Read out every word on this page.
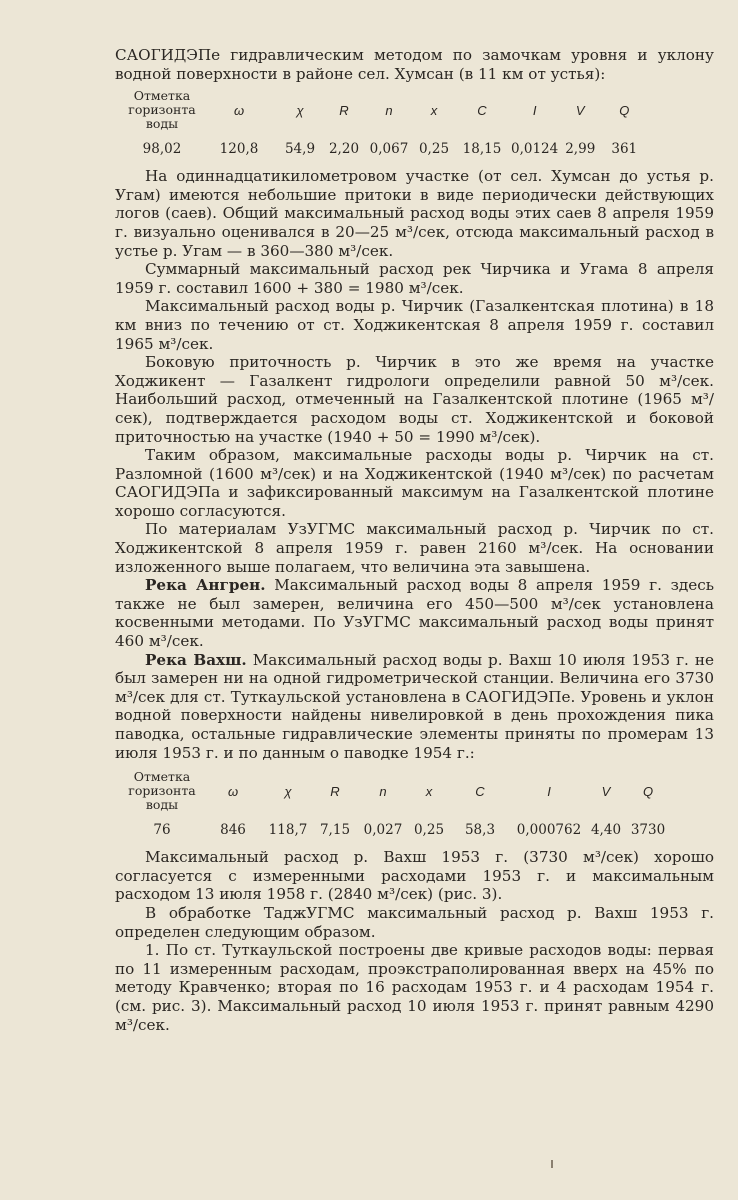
САОГИДЭПе гидравлическим методом по замочкам уровня и уклону водной поверхности в районе сел. Хумсан (в 11 км от устья):

Отметка горизонта воды	ω	χ	R	n	x	C	I	V	Q
98,02	120,8	54,9	2,20	0,067	0,25	18,15	0,0124	2,99	361

На одиннадцатикилометровом участке (от сел. Хумсан до устья р. Угам) имеются небольшие притоки в виде периодически действующих логов (саев). Общий максимальный расход воды этих саев 8 апреля 1959 г. визуально оценивался в 20—25 м³/сек, отсюда максимальный расход в устье р. Угам — в 360—380 м³/сек.

Суммарный максимальный расход рек Чирчика и Угама 8 апреля 1959 г. составил 1600 + 380 = 1980 м³/сек.

Максимальный расход воды р. Чирчик (Газалкентская плотина) в 18 км вниз по течению от ст. Ходжикентская 8 апреля 1959 г. составил 1965 м³/сек.

Боковую приточность р. Чирчик в это же время на участке Ходжикент — Газалкент гидрологи определили равной 50 м³/сек. Наибольший расход, отмеченный на Газалкентской плотине (1965 м³/сек), подтверждается расходом воды ст. Ходжикентской и боковой приточностью на участке (1940 + 50 = 1990 м³/сек).

Таким образом, максимальные расходы воды р. Чирчик на ст. Разломной (1600 м³/сек) и на Ходжикентской (1940 м³/сек) по расчетам САОГИДЭПа и зафиксированный максимум на Газалкентской плотине хорошо согласуются.

По материалам УзУГМС максимальный расход р. Чирчик по ст. Ходжикентской 8 апреля 1959 г. равен 2160 м³/сек. На основании изложенного выше полагаем, что величина эта завышена.

Река Ангрен. Максимальный расход воды 8 апреля 1959 г. здесь также не был замерен, величина его 450—500 м³/сек установлена косвенными методами. По УзУГМС максимальный расход воды принят 460 м³/сек.

Река Вахш. Максимальный расход воды р. Вахш 10 июля 1953 г. не был замерен ни на одной гидрометрической станции. Величина его 3730 м³/сек для ст. Туткаульской установлена в САОГИДЭПе. Уровень и уклон водной поверхности найдены нивелировкой в день прохождения пика паводка, остальные гидравлические элементы приняты по промерам 13 июля 1953 г. и по данным о паводке 1954 г.:

Отметка горизонта воды	ω	χ	R	n	x	C	I	V	Q
76	846	118,7	7,15	0,027	0,25	58,3	0,000762	4,40	3730

Максимальный расход р. Вахш 1953 г. (3730 м³/сек) хорошо согласуется с измеренными расходами 1953 г. и максимальным расходом 13 июля 1958 г. (2840 м³/сек) (рис. 3).

В обработке ТаджУГМС максимальный расход р. Вахш 1953 г. определен следующим образом.

1. По ст. Туткаульской построены две кривые расходов воды: первая по 11 измеренным расходам, проэкстраполированная вверх на 45% по методу Кравченко; вторая по 16 расходам 1953 г. и 4 расходам 1954 г. (см. рис. 3). Максимальный расход 10 июля 1953 г. принят равным 4290 м³/сек.
